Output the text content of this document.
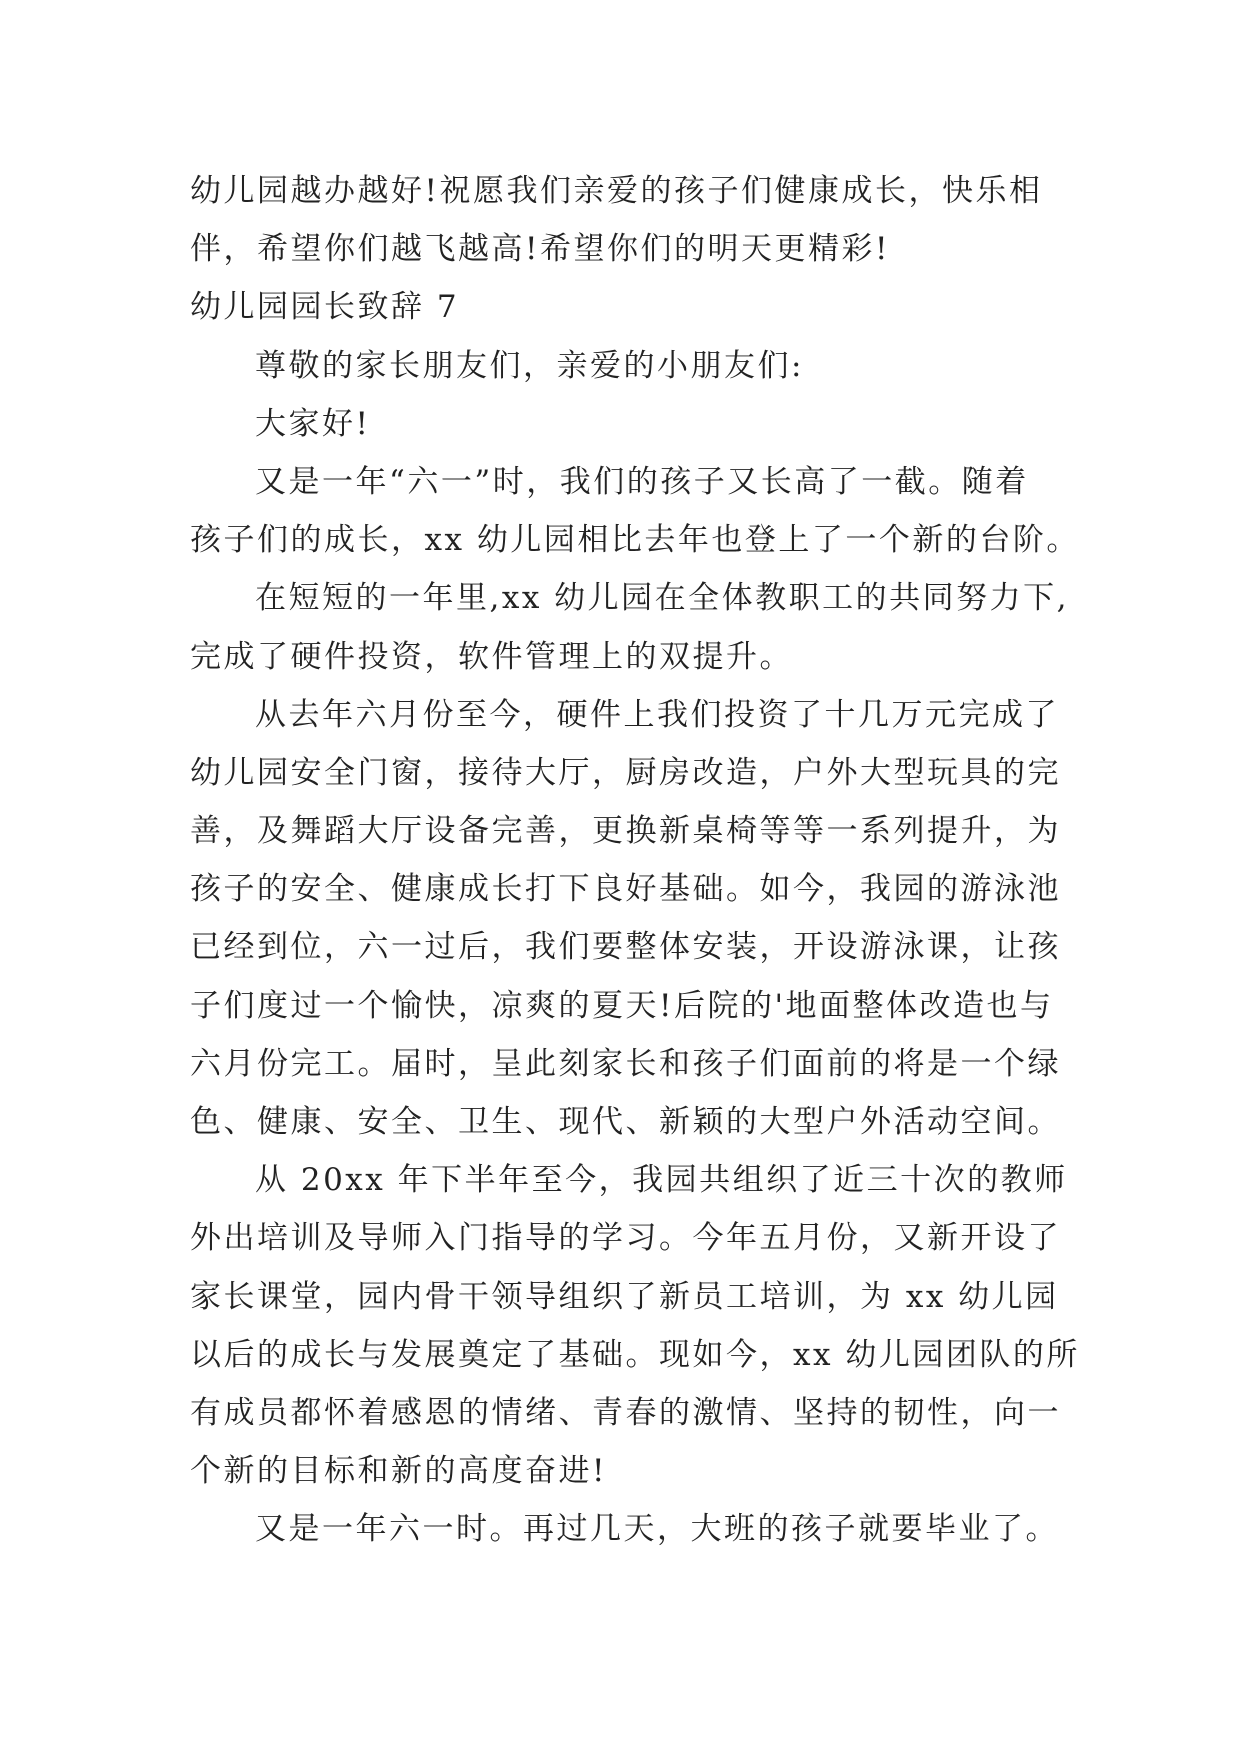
幼儿园越办越好!祝愿我们亲爱的孩子们健康成长，快乐相
伴，希望你们越飞越高!希望你们的明天更精彩!
幼儿园园长致辞 7
尊敬的家长朋友们，亲爱的小朋友们:
大家好!
又是一年“六一”时，我们的孩子又长高了一截。随着
孩子们的成长，xx 幼儿园相比去年也登上了一个新的台阶。
在短短的一年里,xx 幼儿园在全体教职工的共同努力下,
完成了硬件投资，软件管理上的双提升。
从去年六月份至今，硬件上我们投资了十几万元完成了
幼儿园安全门窗，接待大厅，厨房改造，户外大型玩具的完
善，及舞蹈大厅设备完善，更换新桌椅等等一系列提升，为
孩子的安全、健康成长打下良好基础。如今，我园的游泳池
已经到位，六一过后，我们要整体安装，开设游泳课，让孩
子们度过一个愉快，凉爽的夏天!后院的'地面整体改造也与
六月份完工。届时，呈此刻家长和孩子们面前的将是一个绿
色、健康、安全、卫生、现代、新颖的大型户外活动空间。
从 20xx 年下半年至今，我园共组织了近三十次的教师
外出培训及导师入门指导的学习。今年五月份，又新开设了
家长课堂，园内骨干领导组织了新员工培训，为 xx 幼儿园
以后的成长与发展奠定了基础。现如今，xx 幼儿园团队的所
有成员都怀着感恩的情绪、青春的激情、坚持的韧性，向一
个新的目标和新的高度奋进!
又是一年六一时。再过几天，大班的孩子就要毕业了。
